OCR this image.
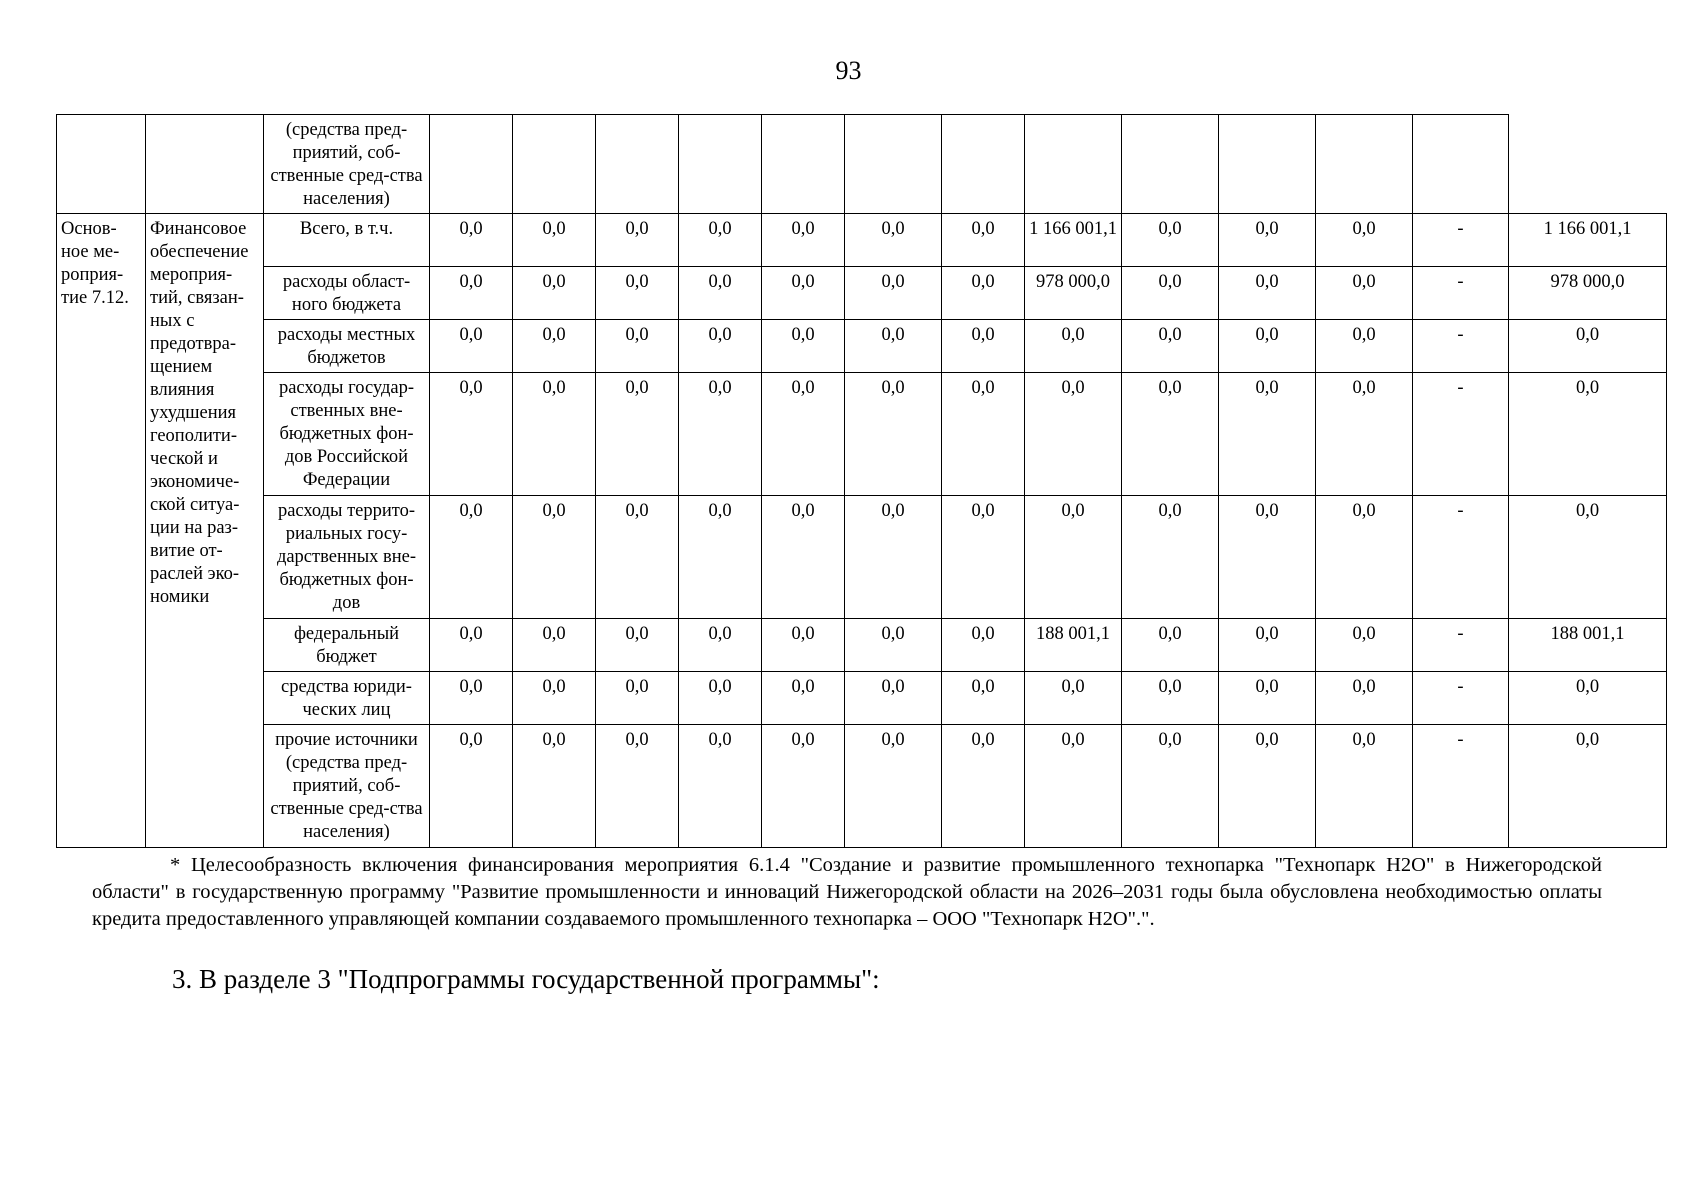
93
		(средства пред-приятий, соб-ственные сред-ства населения)													
Основ-ное ме-роприя-тие 7.12.	Финансовое обеспечение мероприя-тий, связан-ных с предотвра-щением влияния ухудшения геополити-ческой и экономиче-ской ситуа-ции на раз-витие от-раслей эко-номики	Всего, в т.ч.	0,0	0,0	0,0	0,0	0,0	0,0	0,0	1 166 001,1	0,0	0,0	0,0	-	1 166 001,1
		расходы област-ного бюджета	0,0	0,0	0,0	0,0	0,0	0,0	0,0	978 000,0	0,0	0,0	0,0	-	978 000,0
		расходы местных бюджетов	0,0	0,0	0,0	0,0	0,0	0,0	0,0	0,0	0,0	0,0	0,0	-	0,0
		расходы государ-ственных вне-бюджетных фон-дов Российской Федерации	0,0	0,0	0,0	0,0	0,0	0,0	0,0	0,0	0,0	0,0	0,0	-	0,0
		расходы террито-риальных госу-дарственных вне-бюджетных фон-дов	0,0	0,0	0,0	0,0	0,0	0,0	0,0	0,0	0,0	0,0	0,0	-	0,0
		федеральный бюджет	0,0	0,0	0,0	0,0	0,0	0,0	0,0	188 001,1	0,0	0,0	0,0	-	188 001,1
		средства юриди-ческих лиц	0,0	0,0	0,0	0,0	0,0	0,0	0,0	0,0	0,0	0,0	0,0	-	0,0
		прочие источники (средства пред-приятий, соб-ственные сред-ства населения)	0,0	0,0	0,0	0,0	0,0	0,0	0,0	0,0	0,0	0,0	0,0	-	0,0
* Целесообразность включения финансирования мероприятия 6.1.4 "Создание и развитие промышленного технопарка "Технопарк Н2О" в Нижегородской области" в государственную программу "Развитие промышленности и инноваций Нижегородской области на 2026–2031 годы была обусловлена необходимостью оплаты кредита предоставленного управляющей компании создаваемого промышленного технопарка – ООО "Технопарк Н2О".".
3. В разделе 3 "Подпрограммы государственной программы":
